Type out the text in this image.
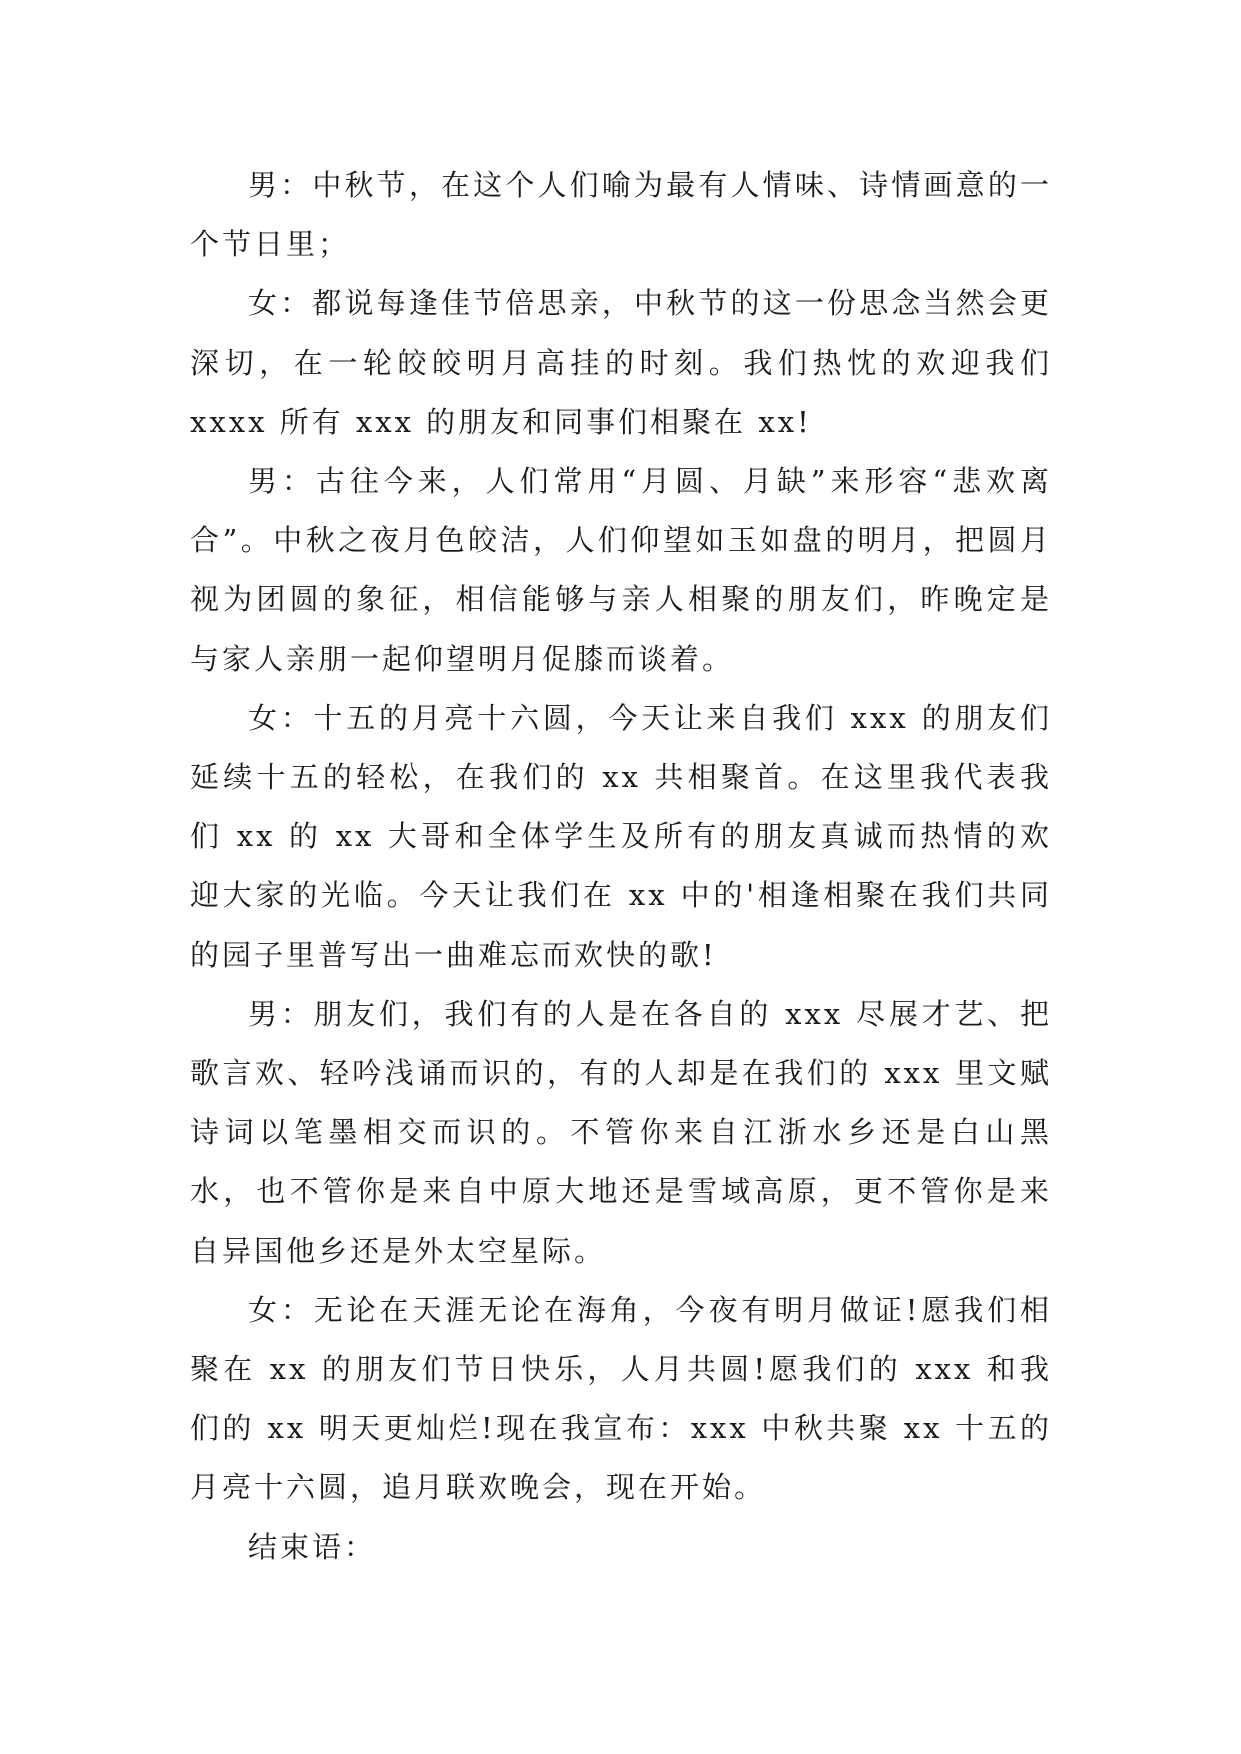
男：中秋节，在这个人们喻为最有人情味、诗情画意的一个节日里；

女：都说每逢佳节倍思亲，中秋节的这一份思念当然会更深切，在一轮皎皎明月高挂的时刻。我们热忱的欢迎我们 xxxx 所有 xxx 的朋友和同事们相聚在 xx!

男：古往今来，人们常用“月圆、月缺”来形容“悲欢离合”。中秋之夜月色皎洁，人们仰望如玉如盘的明月，把圆月视为团圆的象征，相信能够与亲人相聚的朋友们，昨晚定是与家人亲朋一起仰望明月促膝而谈着。

女：十五的月亮十六圆，今天让来自我们 xxx 的朋友们延续十五的轻松，在我们的 xx 共相聚首。在这里我代表我们 xx 的 xx 大哥和全体学生及所有的朋友真诚而热情的欢迎大家的光临。今天让我们在 xx 中的'相逢相聚在我们共同的园子里普写出一曲难忘而欢快的歌!

男：朋友们，我们有的人是在各自的 xxx 尽展才艺、把歌言欢、轻吟浅诵而识的，有的人却是在我们的 xxx 里文赋诗词以笔墨相交而识的。不管你来自江浙水乡还是白山黑水，也不管你是来自中原大地还是雪域高原，更不管你是来自异国他乡还是外太空星际。

女：无论在天涯无论在海角，今夜有明月做证!愿我们相聚在 xx 的朋友们节日快乐，人月共圆!愿我们的 xxx 和我们的 xx 明天更灿烂!现在我宣布：xxx 中秋共聚 xx 十五的月亮十六圆，追月联欢晚会，现在开始。

结束语：
